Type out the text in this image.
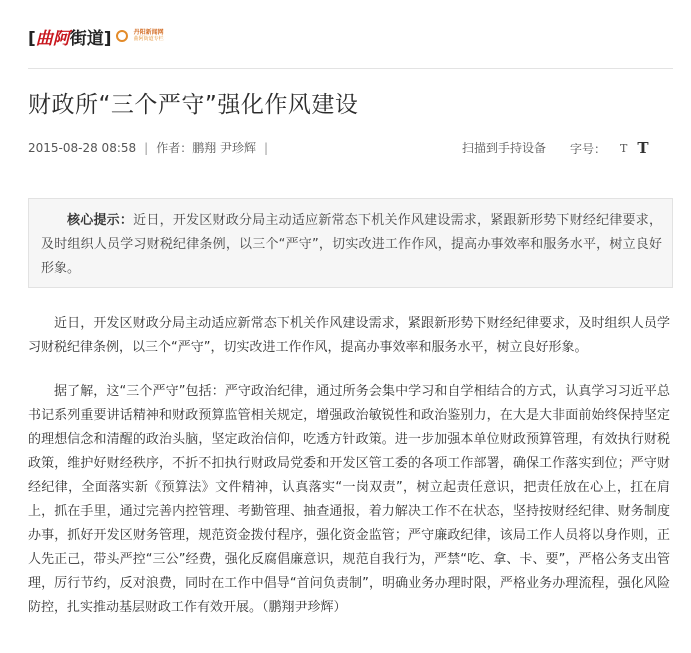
[曲阿街道]	丹阳新闻网
曲阿街道专栏
财政所“三个严守”强化作风建设
2015-08-28 08:58 | 作者： 鹏翔 尹珍辉 |	扫描到手持设备 字号： T T
核心提示：近日，开发区财政分局主动适应新常态下机关作风建设需求，紧跟新形势下财经纪律要求，及时组织人员学习财税纪律条例，以三个“严守”，切实改进工作作风，提高办事效率和服务水平，树立良好形象。

近日，开发区财政分局主动适应新常态下机关作风建设需求，紧跟新形势下财经纪律要求，及时组织人员学习财税纪律条例，以三个“严守”，切实改进工作作风，提高办事效率和服务水平，树立良好形象。

据了解，这“三个严守”包括：严守政治纪律，通过所务会集中学习和自学相结合的方式，认真学习习近平总书记系列重要讲话精神和财政预算监管相关规定，增强政治敏锐性和政治鉴别力，在大是大非面前始终保持坚定的理想信念和清醒的政治头脑，坚定政治信仰，吃透方针政策。进一步加强本单位财政预算管理，有效执行财税政策，维护好财经秩序，不折不扣执行财政局党委和开发区管工委的各项工作部署，确保工作落实到位；严守财经纪律，全面落实新《预算法》文件精神，认真落实“一岗双责”，树立起责任意识，把责任放在心上，扛在肩上，抓在手里，通过完善内控管理、考勤管理、抽查通报，着力解决工作不在状态，坚持按财经纪律、财务制度办事，抓好开发区财务管理，规范资金拨付程序，强化资金监管；严守廉政纪律，该局工作人员将以身作则，正人先正己，带头严控“三公”经费，强化反腐倡廉意识，规范自我行为，严禁“吃、拿、卡、要”，严格公务支出管理，厉行节约，反对浪费，同时在工作中倡导“首问负责制”，明确业务办理时限，严格业务办理流程，强化风险防控，扎实推动基层财政工作有效开展。（鹏翔尹珍辉）
